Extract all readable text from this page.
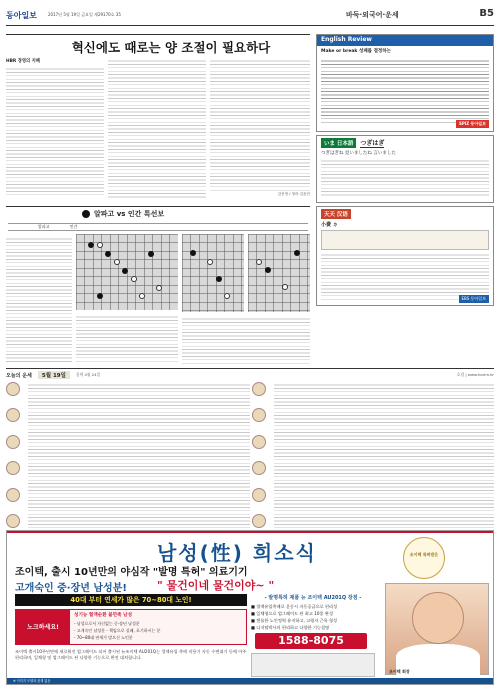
동아일보	2017년 5월 19일 금요일 제29170호 35	바둑·외국어·운세	B5
혁신에도 때로는 양 조절이 필요하다
HBR 경영의 지혜
김선영 / 정리·김윤진
English Review
Make or break 성패를 결정하는
SPIZ 동아일보
いま 日本語	つぎはぎ
つぎはぎね 見いましたね 言いました
天天 汉语
小费 ㄉ
EBS 동아일보
알파고 vs 인간 특선보
알파고	인간
오늘의 운세	5월 19일	음력 4월 24일	호림 | www.horim.kr
남성(性) 희소식	조이텍 특허받은
조이텍, 출시 10년만의 야심작 "발명 특허" 의료기기
고개숙인 중·장년 남성분!	" 물건이네 물건이야~ "
40대 부터 연세가 많은 70~80대 노인!	- 발명특허 제품 뉴 조이텍 AU201Q 장점 -
■ 혈액유입촉매로 운동시 자동공급으로 편리성
■ 일체형으로 업그레이드 된 최고 10종 완성
■ 젠틀한 노인정력 유지하고, 고령자 근육 형성
■ 디지털박사의 편리하고 다양한 기능설명
노크하세요!
성기능 혈액순환 불만족 남성
- 남성으로서 자신없는 중·장년 남성분
- 고개숙인 남성분 - 책임으로 실패, 포기하시는 분
- 70~80대 연세가 많으신 노인분
조이텍 출시10주년만에 새로워진 업그레이드 되어 출시된 뉴조이텍 AU201Q는 혈액유입 촉매 작용기 자동 수면대기 등에 아주 편리하며, 일체형 및 업그레이드 된 다양한 기능으로 완전 대처합니다.
1588-8075
조이텍 회장
※ 이미지 모델과 관계 없음
